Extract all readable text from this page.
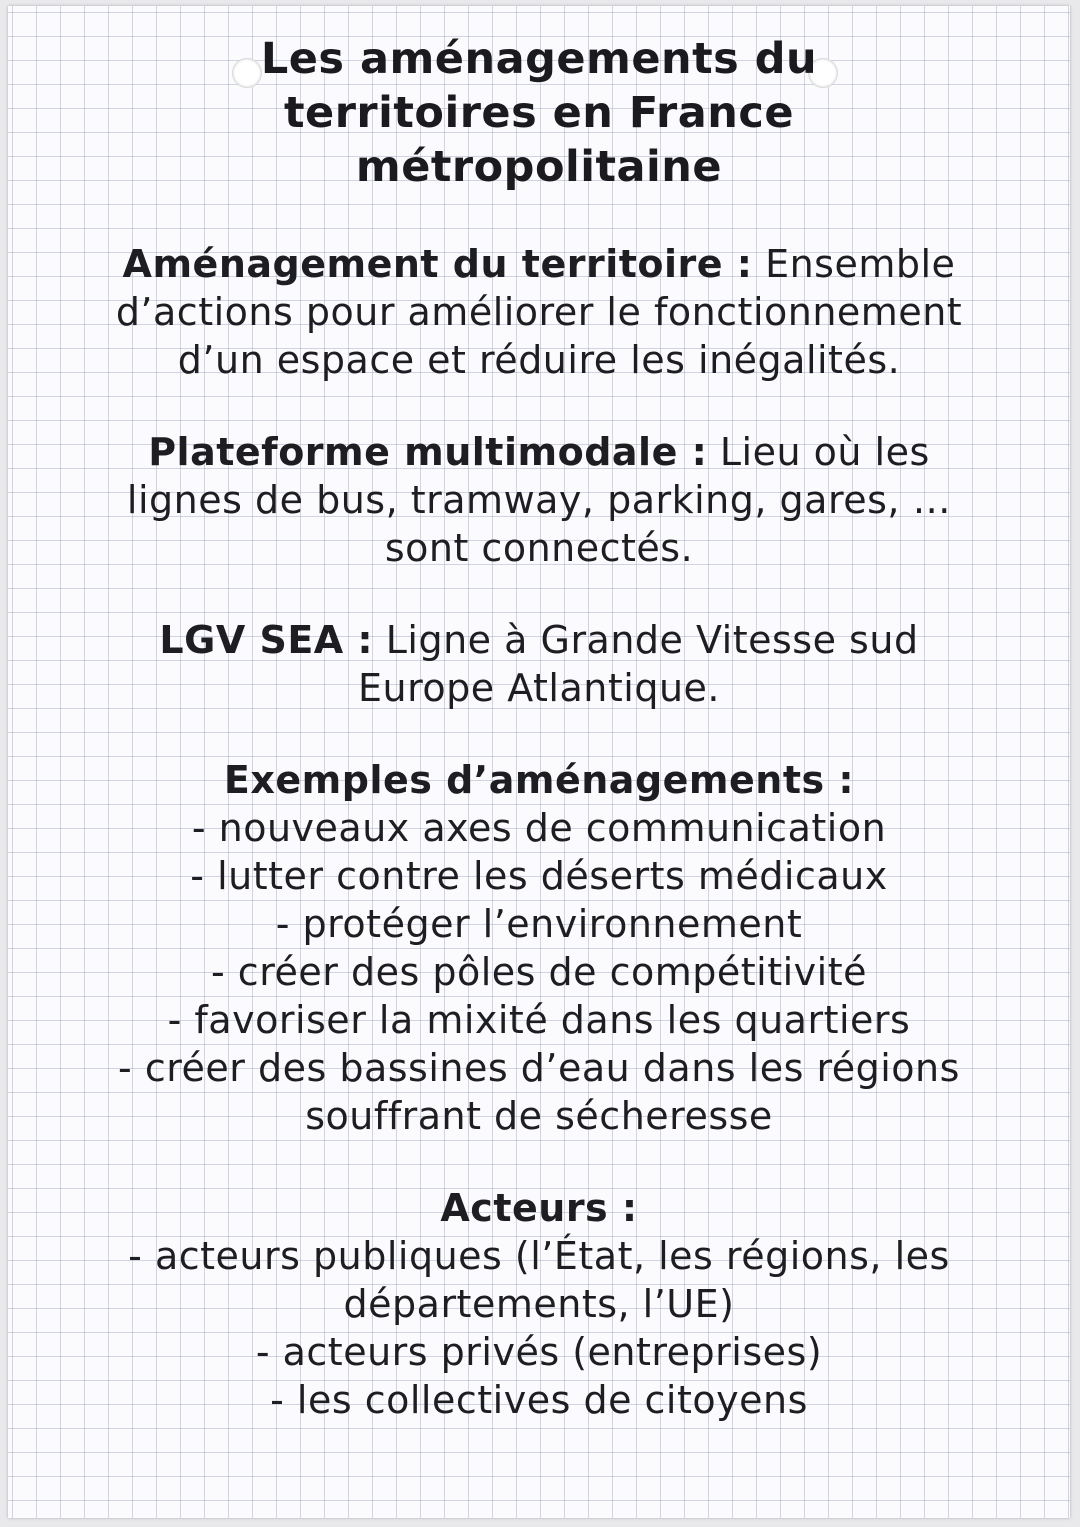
Les aménagements du territoires en France métropolitaine

Aménagement du territoire : Ensemble d’actions pour améliorer le fonctionnement d’un espace et réduire les inégalités.

Plateforme multimodale : Lieu où les lignes de bus, tramway, parking, gares, … sont connectés.

LGV SEA : Ligne à Grande Vitesse sud Europe Atlantique.

Exemples d’aménagements :

- nouveaux axes de communication

- lutter contre les déserts médicaux

- protéger l’environnement

- créer des pôles de compétitivité

- favoriser la mixité dans les quartiers

- créer des bassines d’eau dans les régions souffrant de sécheresse

Acteurs :

- acteurs publiques (l’État, les régions, les départements, l’UE)

- acteurs privés (entreprises)

- les collectives de citoyens
